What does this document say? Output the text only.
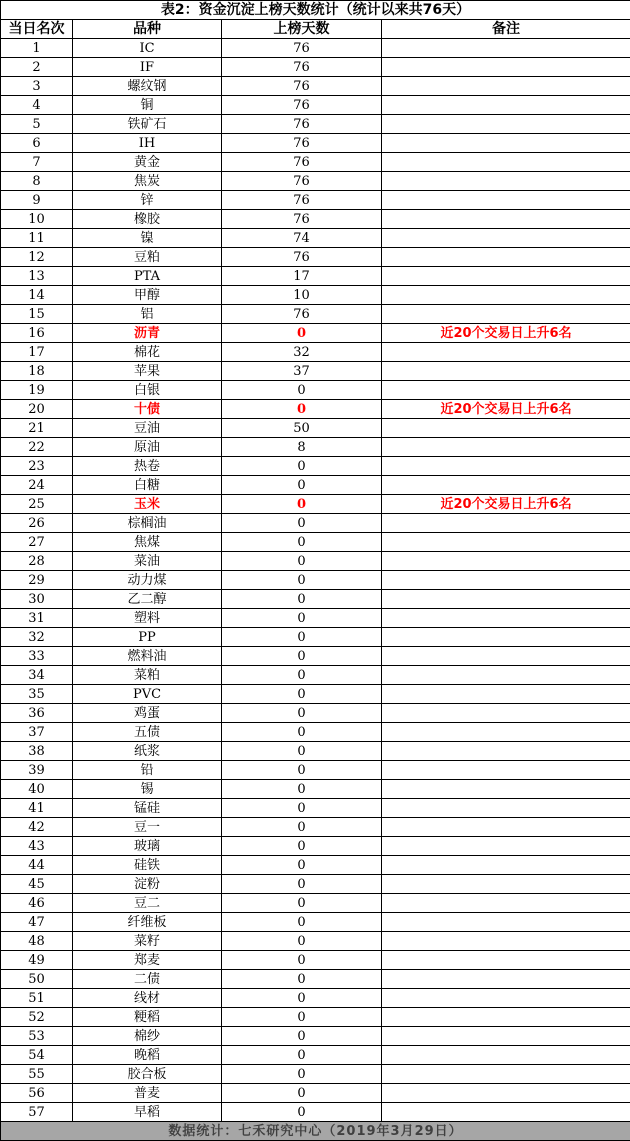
表2：资金沉淀上榜天数统计（统计以来共76天）			
当日名次	品种	上榜天数	备注
1	IC	76	
2	IF	76	
3	螺纹钢	76	
4	铜	76	
5	铁矿石	76	
6	IH	76	
7	黄金	76	
8	焦炭	76	
9	锌	76	
10	橡胶	76	
11	镍	74	
12	豆粕	76	
13	PTA	17	
14	甲醇	10	
15	铝	76	
16	沥青	0	近20个交易日上升6名
17	棉花	32	
18	苹果	37	
19	白银	0	
20	十债	0	近20个交易日上升6名
21	豆油	50	
22	原油	8	
23	热卷	0	
24	白糖	0	
25	玉米	0	近20个交易日上升6名
26	棕榈油	0	
27	焦煤	0	
28	菜油	0	
29	动力煤	0	
30	乙二醇	0	
31	塑料	0	
32	PP	0	
33	燃料油	0	
34	菜粕	0	
35	PVC	0	
36	鸡蛋	0	
37	五债	0	
38	纸浆	0	
39	铅	0	
40	锡	0	
41	锰硅	0	
42	豆一	0	
43	玻璃	0	
44	硅铁	0	
45	淀粉	0	
46	豆二	0	
47	纤维板	0	
48	菜籽	0	
49	郑麦	0	
50	二债	0	
51	线材	0	
52	粳稻	0	
53	棉纱	0	
54	晚稻	0	
55	胶合板	0	
56	普麦	0	
57	早稻	0	
数据统计：七禾研究中心（2019年3月29日）			
